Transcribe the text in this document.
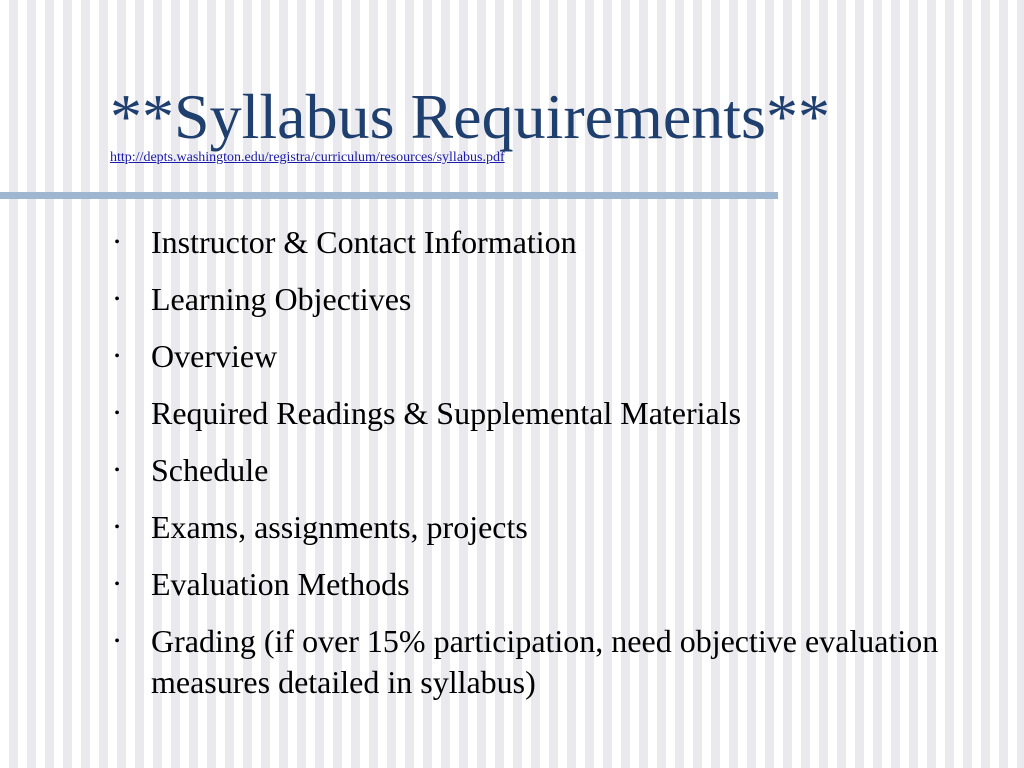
**Syllabus Requirements**
http://depts.washington.edu/registra/curriculum/resources/syllabus.pdf
• Instructor & Contact Information
• Learning Objectives
• Overview
• Required Readings & Supplemental Materials
• Schedule
• Exams, assignments, projects
• Evaluation Methods
• Grading (if over 15% participation, need objective evaluation measures detailed in syllabus)
